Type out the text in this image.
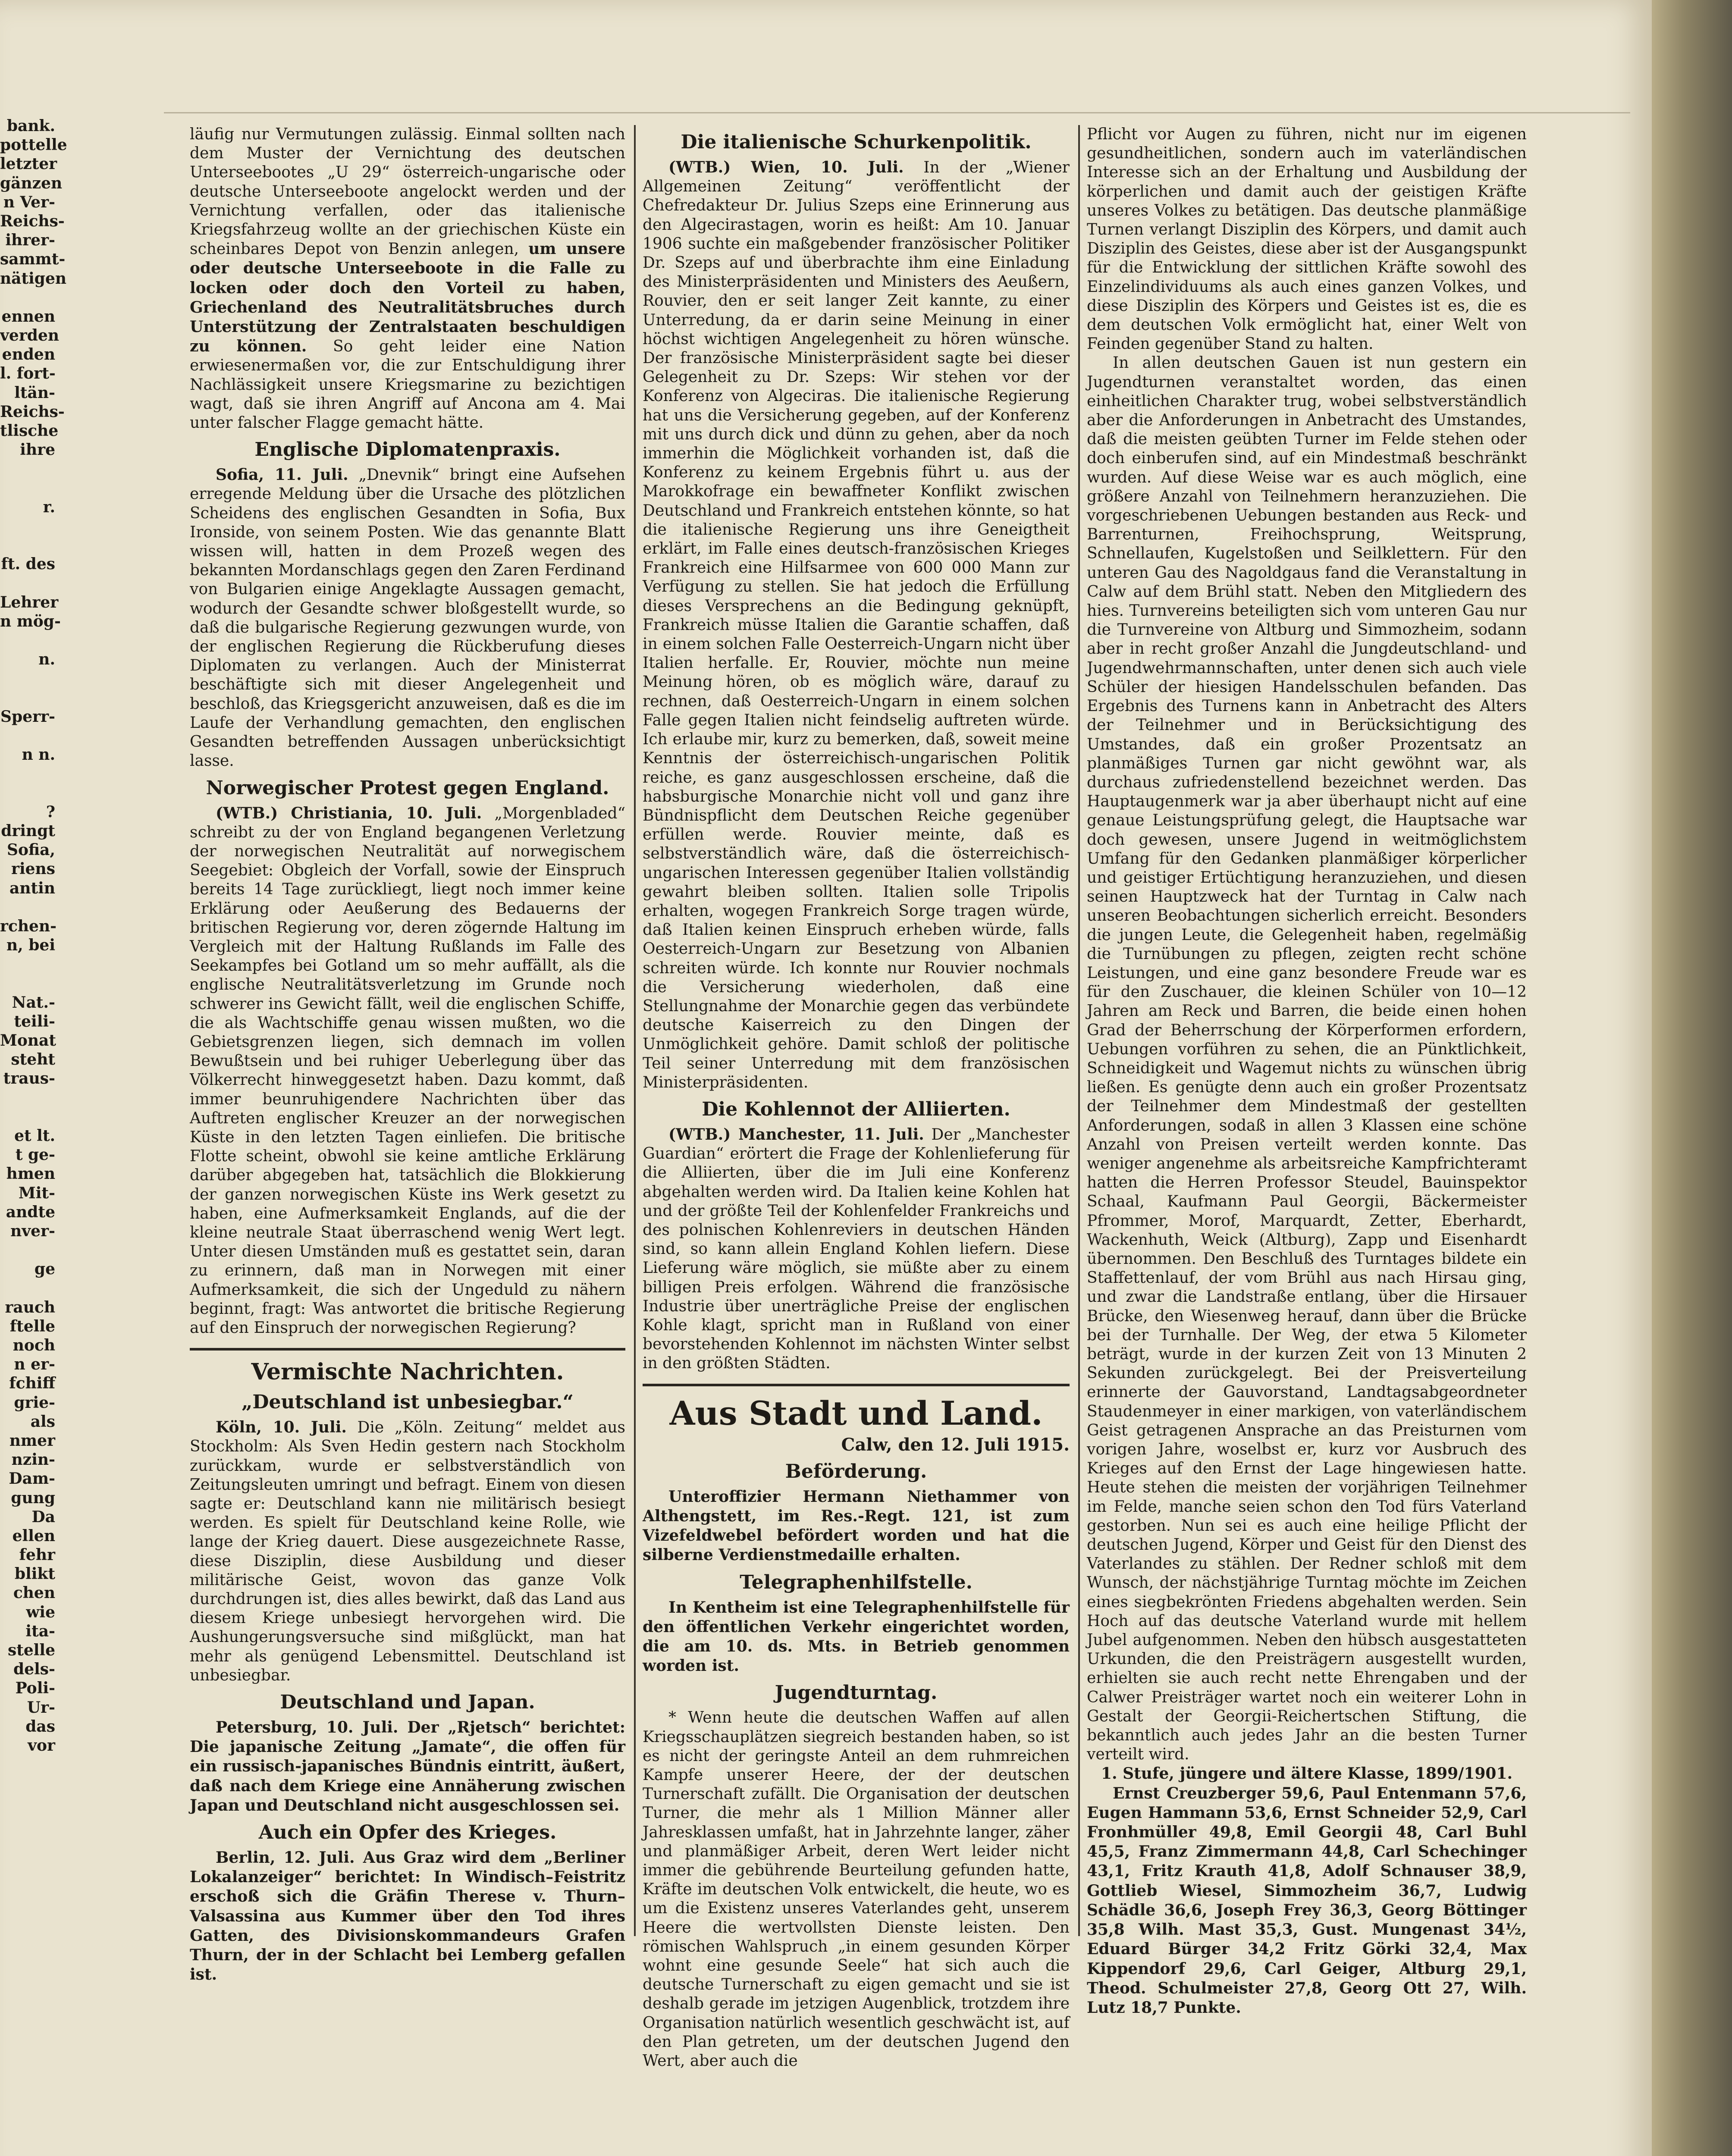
bank.
pottelle
letzter
gänzen
n Ver-
Reichs-
ihrer-
sammt-
nätigen
ennen
verden
enden
l. fort-
ltän-
Reichs-
tlische
ihre
r.
ft. des
Lehrer
n mög-
n.
Sperr-
n n.
?
dringt
Sofia,
riens
antin
rchen-
n, bei
Nat.-
teili-
Monat
steht
traus-
et lt.
t ge-
hmen
Mit-
andte
nver-
ge
rauch
ftelle
noch
n er-
fchiff
grie-
als
nmer
nzin-
Dam-
gung
Da
ellen
fehr
blikt
chen
wie
ita-
stelle
dels-
Poli-
Ur-
das
vor

läufig nur Vermutungen zulässig. Einmal sollten nach dem Muster der Vernichtung des deutschen Unterseebootes „U 29“ österreich-ungarische oder deutsche Unterseeboote angelockt werden und der Vernichtung verfallen, oder das italienische Kriegsfahrzeug wollte an der griechischen Küste ein scheinbares Depot von Benzin anlegen, um unsere oder deutsche Unterseeboote in die Falle zu locken oder doch den Vorteil zu haben, Griechenland des Neutralitätsbruches durch Unterstützung der Zentralstaaten beschuldigen zu können. So geht leider eine Nation erwiesenermaßen vor, die zur Entschuldigung ihrer Nachlässigkeit unsere Kriegsmarine zu bezichtigen wagt, daß sie ihren Angriff auf Ancona am 4. Mai unter falscher Flagge gemacht hätte.

Englische Diplomatenpraxis.

Sofia, 11. Juli. „Dnevnik“ bringt eine Aufsehen erregende Meldung über die Ursache des plötzlichen Scheidens des englischen Gesandten in Sofia, Bux Ironside, von seinem Posten. Wie das genannte Blatt wissen will, hatten in dem Prozeß wegen des bekannten Mordanschlags gegen den Zaren Ferdinand von Bulgarien einige Angeklagte Aussagen gemacht, wodurch der Gesandte schwer bloßgestellt wurde, so daß die bulgarische Regierung gezwungen wurde, von der englischen Regierung die Rückberufung dieses Diplomaten zu verlangen. Auch der Ministerrat beschäftigte sich mit dieser Angelegenheit und beschloß, das Kriegsgericht anzuweisen, daß es die im Laufe der Verhandlung gemachten, den englischen Gesandten betreffenden Aussagen unberücksichtigt lasse.

Norwegischer Protest gegen England.

(WTB.) Christiania, 10. Juli. „Morgenbladed“ schreibt zu der von England begangenen Verletzung der norwegischen Neutralität auf norwegischem Seegebiet: Obgleich der Vorfall, sowie der Einspruch bereits 14 Tage zurückliegt, liegt noch immer keine Erklärung oder Aeußerung des Bedauerns der britischen Regierung vor, deren zögernde Haltung im Vergleich mit der Haltung Rußlands im Falle des Seekampfes bei Gotland um so mehr auffällt, als die englische Neutralitätsverletzung im Grunde noch schwerer ins Gewicht fällt, weil die englischen Schiffe, die als Wachtschiffe genau wissen mußten, wo die Gebietsgrenzen liegen, sich demnach im vollen Bewußtsein und bei ruhiger Ueberlegung über das Völkerrecht hinweggesetzt haben. Dazu kommt, daß immer beunruhigendere Nachrichten über das Auftreten englischer Kreuzer an der norwegischen Küste in den letzten Tagen einliefen. Die britische Flotte scheint, obwohl sie keine amtliche Erklärung darüber abgegeben hat, tatsächlich die Blokkierung der ganzen norwegischen Küste ins Werk gesetzt zu haben, eine Aufmerksamkeit Englands, auf die der kleine neutrale Staat überraschend wenig Wert legt. Unter diesen Umständen muß es gestattet sein, daran zu erinnern, daß man in Norwegen mit einer Aufmerksamkeit, die sich der Ungeduld zu nähern beginnt, fragt: Was antwortet die britische Regierung auf den Einspruch der norwegischen Regierung?

Vermischte Nachrichten.
„Deutschland ist unbesiegbar.“

Köln, 10. Juli. Die „Köln. Zeitung“ meldet aus Stockholm: Als Sven Hedin gestern nach Stockholm zurückkam, wurde er selbstverständlich von Zeitungsleuten umringt und befragt. Einem von diesen sagte er: Deutschland kann nie militärisch besiegt werden. Es spielt für Deutschland keine Rolle, wie lange der Krieg dauert. Diese ausgezeichnete Rasse, diese Disziplin, diese Ausbildung und dieser militärische Geist, wovon das ganze Volk durchdrungen ist, dies alles bewirkt, daß das Land aus diesem Kriege unbesiegt hervorgehen wird. Die Aushungerungsversuche sind mißglückt, man hat mehr als genügend Lebensmittel. Deutschland ist unbesiegbar.

Deutschland und Japan.

Petersburg, 10. Juli. Der „Rjetsch“ berichtet: Die japanische Zeitung „Jamate“, die offen für ein russisch-japanisches Bündnis eintritt, äußert, daß nach dem Kriege eine Annäherung zwischen Japan und Deutschland nicht ausgeschlossen sei.

Auch ein Opfer des Krieges.

Berlin, 12. Juli. Aus Graz wird dem „Berliner Lokalanzeiger“ berichtet: In Windisch–Feistritz erschoß sich die Gräfin Therese v. Thurn–Valsassina aus Kummer über den Tod ihres Gatten, des Divisionskommandeurs Grafen Thurn, der in der Schlacht bei Lemberg gefallen ist.

Die italienische Schurkenpolitik.

(WTB.) Wien, 10. Juli. In der „Wiener Allgemeinen Zeitung“ veröffentlicht der Chefredakteur Dr. Julius Szeps eine Erinnerung aus den Algecirastagen, worin es heißt: Am 10. Januar 1906 suchte ein maßgebender französischer Politiker Dr. Szeps auf und überbrachte ihm eine Einladung des Ministerpräsidenten und Ministers des Aeußern, Rouvier, den er seit langer Zeit kannte, zu einer Unterredung, da er darin seine Meinung in einer höchst wichtigen Angelegenheit zu hören wünsche. Der französische Ministerpräsident sagte bei dieser Gelegenheit zu Dr. Szeps: Wir stehen vor der Konferenz von Algeciras. Die italienische Regierung hat uns die Versicherung gegeben, auf der Konferenz mit uns durch dick und dünn zu gehen, aber da noch immerhin die Möglichkeit vorhanden ist, daß die Konferenz zu keinem Ergebnis führt u. aus der Marokkofrage ein bewaffneter Konflikt zwischen Deutschland und Frankreich entstehen könnte, so hat die italienische Regierung uns ihre Geneigtheit erklärt, im Falle eines deutsch-französischen Krieges Frankreich eine Hilfsarmee von 600 000 Mann zur Verfügung zu stellen. Sie hat jedoch die Erfüllung dieses Versprechens an die Bedingung geknüpft, Frankreich müsse Italien die Garantie schaffen, daß in einem solchen Falle Oesterreich-Ungarn nicht über Italien herfalle. Er, Rouvier, möchte nun meine Meinung hören, ob es möglich wäre, darauf zu rechnen, daß Oesterreich-Ungarn in einem solchen Falle gegen Italien nicht feindselig auftreten würde. Ich erlaube mir, kurz zu bemerken, daß, soweit meine Kenntnis der österreichisch-ungarischen Politik reiche, es ganz ausgeschlossen erscheine, daß die habsburgische Monarchie nicht voll und ganz ihre Bündnispflicht dem Deutschen Reiche gegenüber erfüllen werde. Rouvier meinte, daß es selbstverständlich wäre, daß die österreichisch-ungarischen Interessen gegenüber Italien vollständig gewahrt bleiben sollten. Italien solle Tripolis erhalten, wogegen Frankreich Sorge tragen würde, daß Italien keinen Einspruch erheben würde, falls Oesterreich-Ungarn zur Besetzung von Albanien schreiten würde. Ich konnte nur Rouvier nochmals die Versicherung wiederholen, daß eine Stellungnahme der Monarchie gegen das verbündete deutsche Kaiserreich zu den Dingen der Unmöglichkeit gehöre. Damit schloß der politische Teil seiner Unterredung mit dem französischen Ministerpräsidenten.

Die Kohlennot der Alliierten.

(WTB.) Manchester, 11. Juli. Der „Manchester Guardian“ erörtert die Frage der Kohlenlieferung für die Alliierten, über die im Juli eine Konferenz abgehalten werden wird. Da Italien keine Kohlen hat und der größte Teil der Kohlenfelder Frankreichs und des polnischen Kohlenreviers in deutschen Händen sind, so kann allein England Kohlen liefern. Diese Lieferung wäre möglich, sie müßte aber zu einem billigen Preis erfolgen. Während die französische Industrie über unerträgliche Preise der englischen Kohle klagt, spricht man in Rußland von einer bevorstehenden Kohlennot im nächsten Winter selbst in den größten Städten.

Aus Stadt und Land.
Calw, den 12. Juli 1915.
Beförderung.

Unteroffizier Hermann Niethammer von Althengstett, im Res.-Regt. 121, ist zum Vizefeldwebel befördert worden und hat die silberne Verdienstmedaille erhalten.

Telegraphenhilfstelle.

In Kentheim ist eine Telegraphenhilfstelle für den öffentlichen Verkehr eingerichtet worden, die am 10. ds. Mts. in Betrieb genommen worden ist.

Jugendturntag.

* Wenn heute die deutschen Waffen auf allen Kriegsschauplätzen siegreich bestanden haben, so ist es nicht der geringste Anteil an dem ruhmreichen Kampfe unserer Heere, der der deutschen Turnerschaft zufällt. Die Organisation der deutschen Turner, die mehr als 1 Million Männer aller Jahresklassen umfaßt, hat in Jahrzehnte langer, zäher und planmäßiger Arbeit, deren Wert leider nicht immer die gebührende Beurteilung gefunden hatte, Kräfte im deutschen Volk entwickelt, die heute, wo es um die Existenz unseres Vaterlandes geht, unserem Heere die wertvollsten Dienste leisten. Den römischen Wahlspruch „in einem gesunden Körper wohnt eine gesunde Seele“ hat sich auch die deutsche Turnerschaft zu eigen gemacht und sie ist deshalb gerade im jetzigen Augenblick, trotzdem ihre Organisation natürlich wesentlich geschwächt ist, auf den Plan getreten, um der deutschen Jugend den Wert, aber auch die

Pflicht vor Augen zu führen, nicht nur im eigenen gesundheitlichen, sondern auch im vaterländischen Interesse sich an der Erhaltung und Ausbildung der körperlichen und damit auch der geistigen Kräfte unseres Volkes zu betätigen. Das deutsche planmäßige Turnen verlangt Disziplin des Körpers, und damit auch Disziplin des Geistes, diese aber ist der Ausgangspunkt für die Entwicklung der sittlichen Kräfte sowohl des Einzelindividuums als auch eines ganzen Volkes, und diese Disziplin des Körpers und Geistes ist es, die es dem deutschen Volk ermöglicht hat, einer Welt von Feinden gegenüber Stand zu halten.

In allen deutschen Gauen ist nun gestern ein Jugendturnen veranstaltet worden, das einen einheitlichen Charakter trug, wobei selbstverständlich aber die Anforderungen in Anbetracht des Umstandes, daß die meisten geübten Turner im Felde stehen oder doch einberufen sind, auf ein Mindestmaß beschränkt wurden. Auf diese Weise war es auch möglich, eine größere Anzahl von Teilnehmern heranzuziehen. Die vorgeschriebenen Uebungen bestanden aus Reck- und Barrenturnen, Freihochsprung, Weitsprung, Schnellaufen, Kugelstoßen und Seilklettern. Für den unteren Gau des Nagoldgaus fand die Veranstaltung in Calw auf dem Brühl statt. Neben den Mitgliedern des hies. Turnvereins beteiligten sich vom unteren Gau nur die Turnvereine von Altburg und Simmozheim, sodann aber in recht großer Anzahl die Jungdeutschland- und Jugendwehrmannschaften, unter denen sich auch viele Schüler der hiesigen Handelsschulen befanden. Das Ergebnis des Turnens kann in Anbetracht des Alters der Teilnehmer und in Berücksichtigung des Umstandes, daß ein großer Prozentsatz an planmäßiges Turnen gar nicht gewöhnt war, als durchaus zufriedenstellend bezeichnet werden. Das Hauptaugenmerk war ja aber überhaupt nicht auf eine genaue Leistungsprüfung gelegt, die Hauptsache war doch gewesen, unsere Jugend in weitmöglichstem Umfang für den Gedanken planmäßiger körperlicher und geistiger Ertüchtigung heranzuziehen, und diesen seinen Hauptzweck hat der Turntag in Calw nach unseren Beobachtungen sicherlich erreicht. Besonders die jungen Leute, die Gelegenheit haben, regelmäßig die Turnübungen zu pflegen, zeigten recht schöne Leistungen, und eine ganz besondere Freude war es für den Zuschauer, die kleinen Schüler von 10—12 Jahren am Reck und Barren, die beide einen hohen Grad der Beherrschung der Körperformen erfordern, Uebungen vorführen zu sehen, die an Pünktlichkeit, Schneidigkeit und Wagemut nichts zu wünschen übrig ließen. Es genügte denn auch ein großer Prozentsatz der Teilnehmer dem Mindestmaß der gestellten Anforderungen, sodaß in allen 3 Klassen eine schöne Anzahl von Preisen verteilt werden konnte. Das weniger angenehme als arbeitsreiche Kampfrichteramt hatten die Herren Professor Steudel, Bauinspektor Schaal, Kaufmann Paul Georgii, Bäckermeister Pfrommer, Morof, Marquardt, Zetter, Eberhardt, Wackenhuth, Weick (Altburg), Zapp und Eisenhardt übernommen. Den Beschluß des Turntages bildete ein Staffettenlauf, der vom Brühl aus nach Hirsau ging, und zwar die Landstraße entlang, über die Hirsauer Brücke, den Wiesenweg herauf, dann über die Brücke bei der Turnhalle. Der Weg, der etwa 5 Kilometer beträgt, wurde in der kurzen Zeit von 13 Minuten 2 Sekunden zurückgelegt. Bei der Preisverteilung erinnerte der Gauvorstand, Landtagsabgeordneter Staudenmeyer in einer markigen, von vaterländischem Geist getragenen Ansprache an das Preisturnen vom vorigen Jahre, woselbst er, kurz vor Ausbruch des Krieges auf den Ernst der Lage hingewiesen hatte. Heute stehen die meisten der vorjährigen Teilnehmer im Felde, manche seien schon den Tod fürs Vaterland gestorben. Nun sei es auch eine heilige Pflicht der deutschen Jugend, Körper und Geist für den Dienst des Vaterlandes zu stählen. Der Redner schloß mit dem Wunsch, der nächstjährige Turntag möchte im Zeichen eines siegbekrönten Friedens abgehalten werden. Sein Hoch auf das deutsche Vaterland wurde mit hellem Jubel aufgenommen. Neben den hübsch ausgestatteten Urkunden, die den Preisträgern ausgestellt wurden, erhielten sie auch recht nette Ehrengaben und der Calwer Preisträger wartet noch ein weiterer Lohn in Gestalt der Georgii-Reichertschen Stiftung, die bekanntlich auch jedes Jahr an die besten Turner verteilt wird.

1. Stufe, jüngere und ältere Klasse, 1899/1901.

Ernst Creuzberger 59,6, Paul Entenmann 57,6, Eugen Hammann 53,6, Ernst Schneider 52,9, Carl Fronhmüller 49,8, Emil Georgii 48, Carl Buhl 45,5, Franz Zimmermann 44,8, Carl Schechinger 43,1, Fritz Krauth 41,8, Adolf Schnauser 38,9, Gottlieb Wiesel, Simmozheim 36,7, Ludwig Schädle 36,6, Joseph Frey 36,3, Georg Böttinger 35,8 Wilh. Mast 35,3, Gust. Mungenast 34½, Eduard Bürger 34,2 Fritz Görki 32,4, Max Kippendorf 29,6, Carl Geiger, Altburg 29,1, Theod. Schulmeister 27,8, Georg Ott 27, Wilh. Lutz 18,7 Punkte.
